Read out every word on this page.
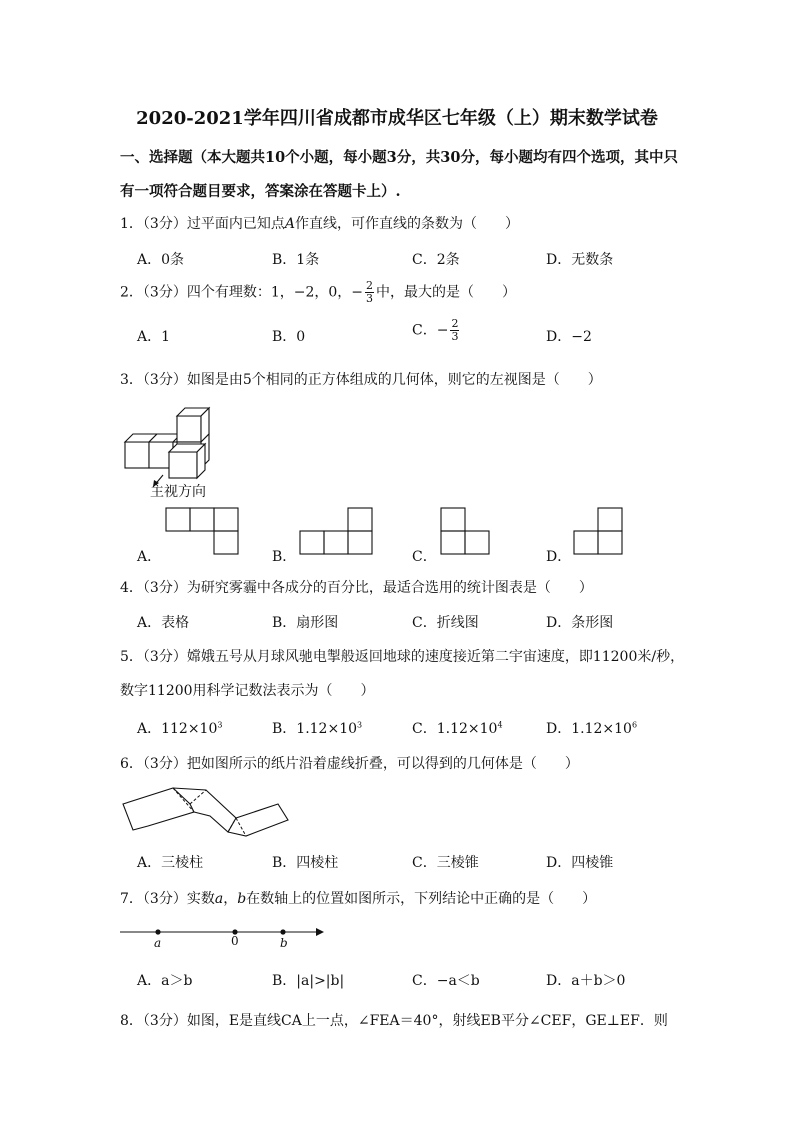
2020-2021学年四川省成都市成华区七年级（上）期末数学试卷
一、选择题（本大题共10个小题，每小题3分，共30分，每小题均有四个选项，其中只
有一项符合题目要求，答案涂在答题卡上）.
1．（3分）过平面内已知点A作直线，可作直线的条数为（　　）
A．0条	B．1条	C．2条	D．无数条
2．（3分）四个有理数：1，−2，0，− $\frac{2}{3}$ 中，最大的是（　　）
A．1	B．0	C．− $\frac{2}{3}$	D．−2
3．（3分）如图是由5个相同的正方体组成的几何体，则它的左视图是（　　）
主视方向
A．	B．	C．	D．
4．（3分）为研究雾霾中各成分的百分比，最适合选用的统计图表是（　　）
A．表格	B．扇形图	C．折线图	D．条形图
5．（3分）嫦娥五号从月球风驰电掣般返回地球的速度接近第二宇宙速度，即11200米/秒，
数字11200用科学记数法表示为（　　）
A．$112\times 10^3$	B．$1.12\times 10^3$	C．$1.12\times 10^4$	D．$1.12\times 10^6$
6．（3分）把如图所示的纸片沿着虚线折叠，可以得到的几何体是（　　）
A．三棱柱	B．四棱柱	C．三棱锥	D．四棱锥
7．（3分）实数a，b在数轴上的位置如图所示，下列结论中正确的是（　　）
a	0	b
A．a＞b	B．|a|>|b|	C．−a＜b	D．a＋b＞0
8．（3分）如图，E是直线CA上一点，∠FEA＝40°，射线EB平分∠CEF，GE⊥EF．则
